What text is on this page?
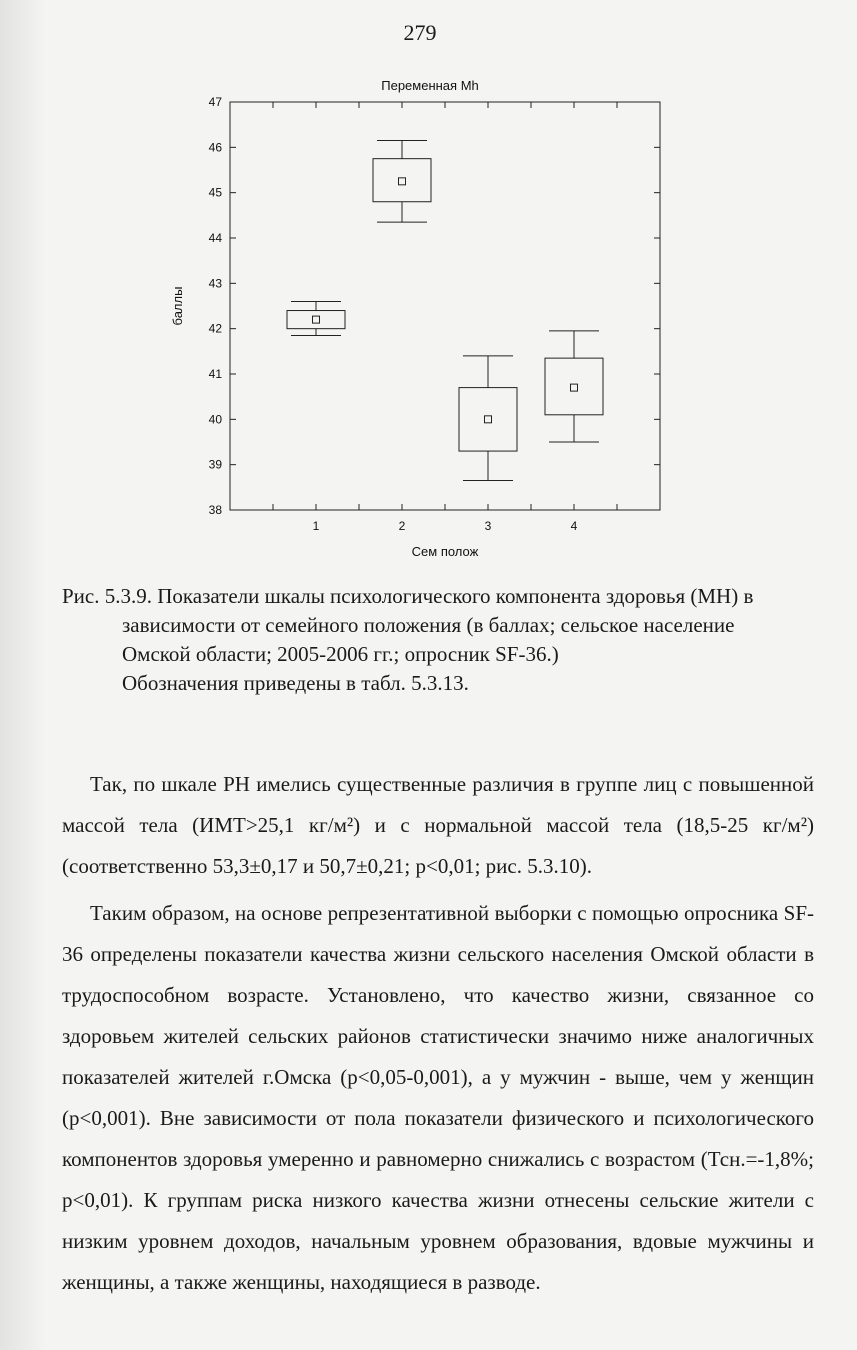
279
Переменная Mh
38
39
40
41
42
43
44
45
46
47
1	2	3	4
Сем полож
баллы
Рис. 5.3.9. Показатели шкалы психологического компонента здоровья (МН) в
зависимости от семейного положения (в баллах; сельское население
Омской области; 2005-2006 гг.; опросник SF-36.)
Обозначения приведены в табл. 5.3.13.

Так, по шкале РН имелись существенные различия в группе лиц с повышенной массой тела (ИМТ>25,1 кг/м²) и с нормальной массой тела (18,5-25 кг/м²) (соответственно 53,3±0,17 и 50,7±0,21; р<0,01; рис. 5.3.10).

Таким образом, на основе репрезентативной выборки с помощью опросника SF-36 определены показатели качества жизни сельского населения Омской области в трудоспособном возрасте. Установлено, что качество жизни, связанное со здоровьем жителей сельских районов статистически значимо ниже аналогичных показателей жителей г.Омска (р<0,05-0,001), а у мужчин - выше, чем у женщин (р<0,001). Вне зависимости от пола показатели физического и психологического компонентов здоровья умеренно и равномерно снижались с возрастом (Тсн.=-1,8%; р<0,01). К группам риска низкого качества жизни отнесены сельские жители с низким уровнем доходов, начальным уровнем образования, вдовые мужчины и женщины, а также женщины, находящиеся в разводе.
